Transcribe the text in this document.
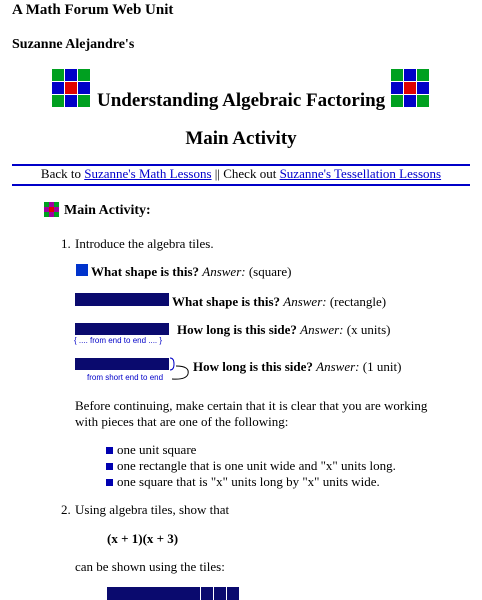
A Math Forum Web Unit
Suzanne Alejandre's
Understanding Algebraic Factoring
Main Activity
Back to Suzanne's Math Lessons || Check out Suzanne's Tessellation Lessons
Main Activity:
1. Introduce the algebra tiles.
What shape is this? Answer: (square)
What shape is this? Answer: (rectangle)
{ .... from end to end .... }
How long is this side? Answer: (x units)
from short end to end
How long is this side? Answer: (1 unit)
Before continuing, make certain that it is clear that you are working
with pieces that are one of the following:
one unit square
one rectangle that is one unit wide and "x" units long.
one square that is "x" units long by "x" units wide.
2. Using algebra tiles, show that
(x + 1)(x + 3)
can be shown using the tiles:
